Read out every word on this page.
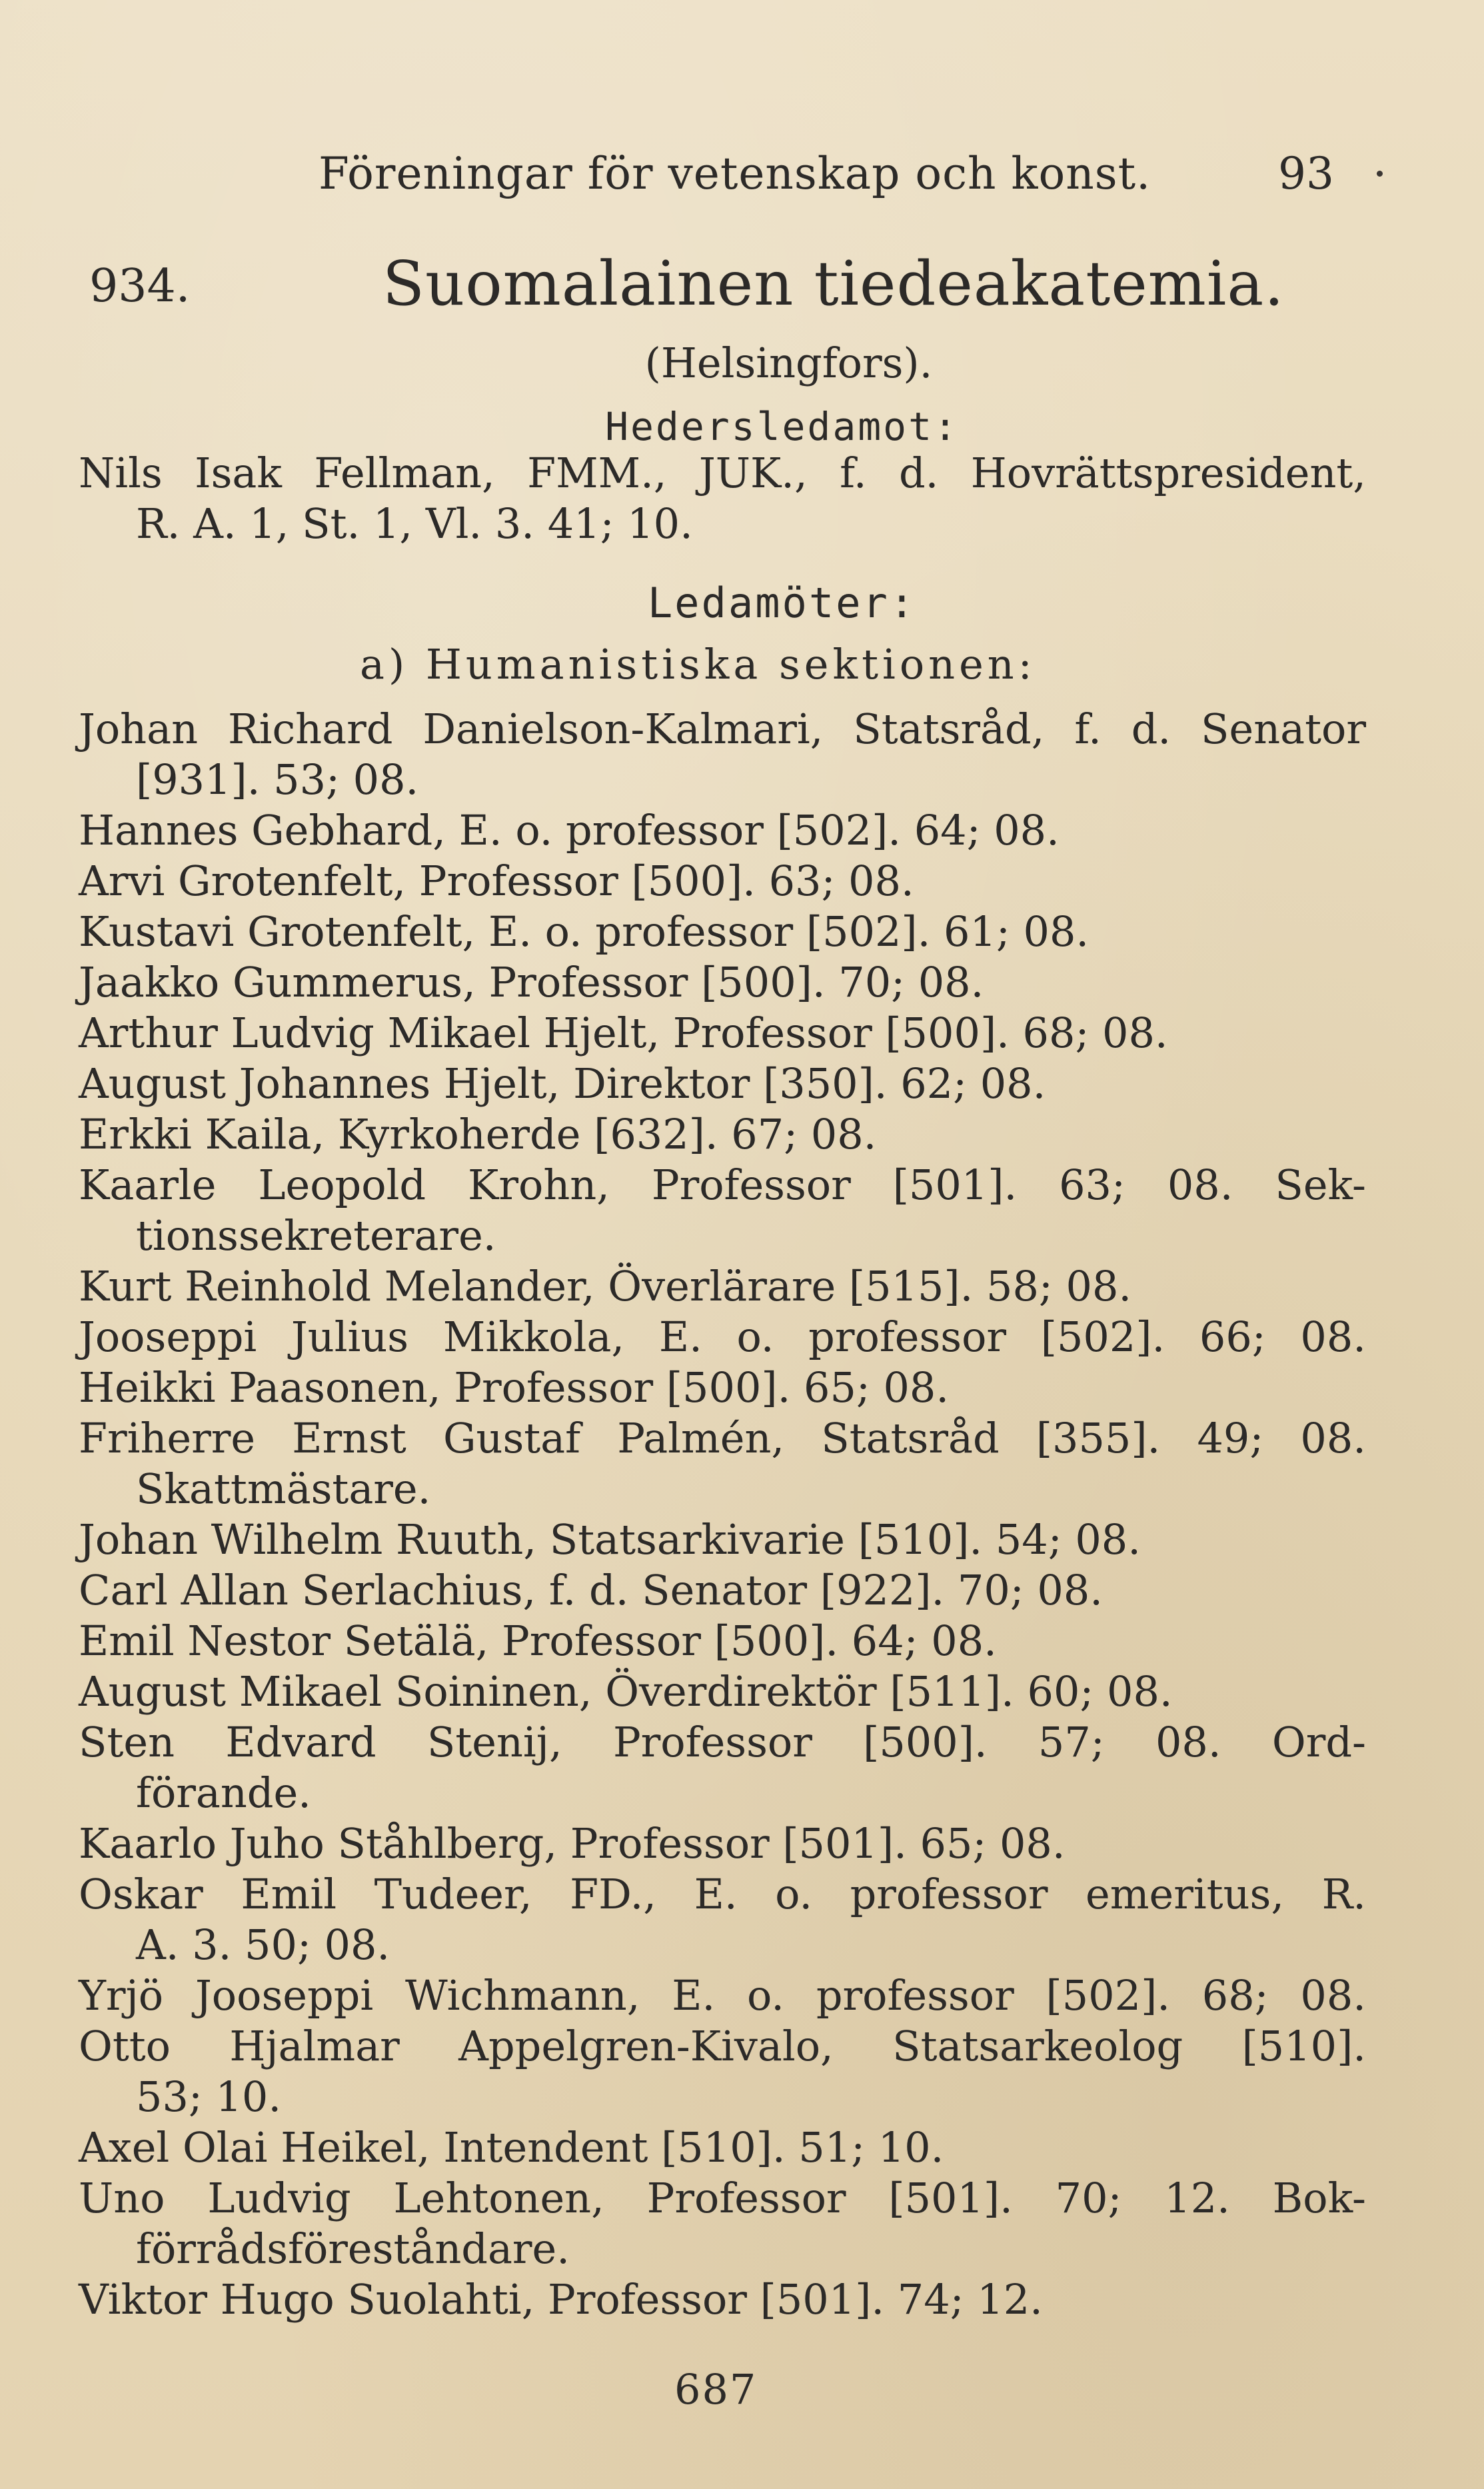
Föreningar för vetenskap och konst.	93
934.	Suomalainen tiedeakatemia.
(Helsingfors).
Hedersledamot:
Nils Isak Fellman, FMM., JUK., f. d. Hovrättspresident,
R. A. 1, St. 1, Vl. 3. 41; 10.
Ledamöter:
a) Humanistiska sektionen:
Johan Richard Danielson-Kalmari, Statsråd, f. d. Senator
[931]. 53; 08.
Hannes Gebhard, E. o. professor [502]. 64; 08.
Arvi Grotenfelt, Professor [500]. 63; 08.
Kustavi Grotenfelt, E. o. professor [502]. 61; 08.
Jaakko Gummerus, Professor [500]. 70; 08.
Arthur Ludvig Mikael Hjelt, Professor [500]. 68; 08.
August Johannes Hjelt, Direktor [350]. 62; 08.
Erkki Kaila, Kyrkoherde [632]. 67; 08.
Kaarle Leopold Krohn, Professor [501]. 63; 08. Sek-
tionssekreterare.
Kurt Reinhold Melander, Överlärare [515]. 58; 08.
Jooseppi Julius Mikkola, E. o. professor [502]. 66; 08.
Heikki Paasonen, Professor [500]. 65; 08.
Friherre Ernst Gustaf Palmén, Statsråd [355]. 49; 08.
Skattmästare.
Johan Wilhelm Ruuth, Statsarkivarie [510]. 54; 08.
Carl Allan Serlachius, f. d. Senator [922]. 70; 08.
Emil Nestor Setälä, Professor [500]. 64; 08.
August Mikael Soininen, Överdirektör [511]. 60; 08.
Sten Edvard Stenij, Professor [500]. 57; 08. Ord-
förande.
Kaarlo Juho Ståhlberg, Professor [501]. 65; 08.
Oskar Emil Tudeer, FD., E. o. professor emeritus, R.
A. 3. 50; 08.
Yrjö Jooseppi Wichmann, E. o. professor [502]. 68; 08.
Otto Hjalmar Appelgren-Kivalo, Statsarkeolog [510].
53; 10.
Axel Olai Heikel, Intendent [510]. 51; 10.
Uno Ludvig Lehtonen, Professor [501]. 70; 12. Bok-
förrådsföreståndare.
Viktor Hugo Suolahti, Professor [501]. 74; 12.
687
